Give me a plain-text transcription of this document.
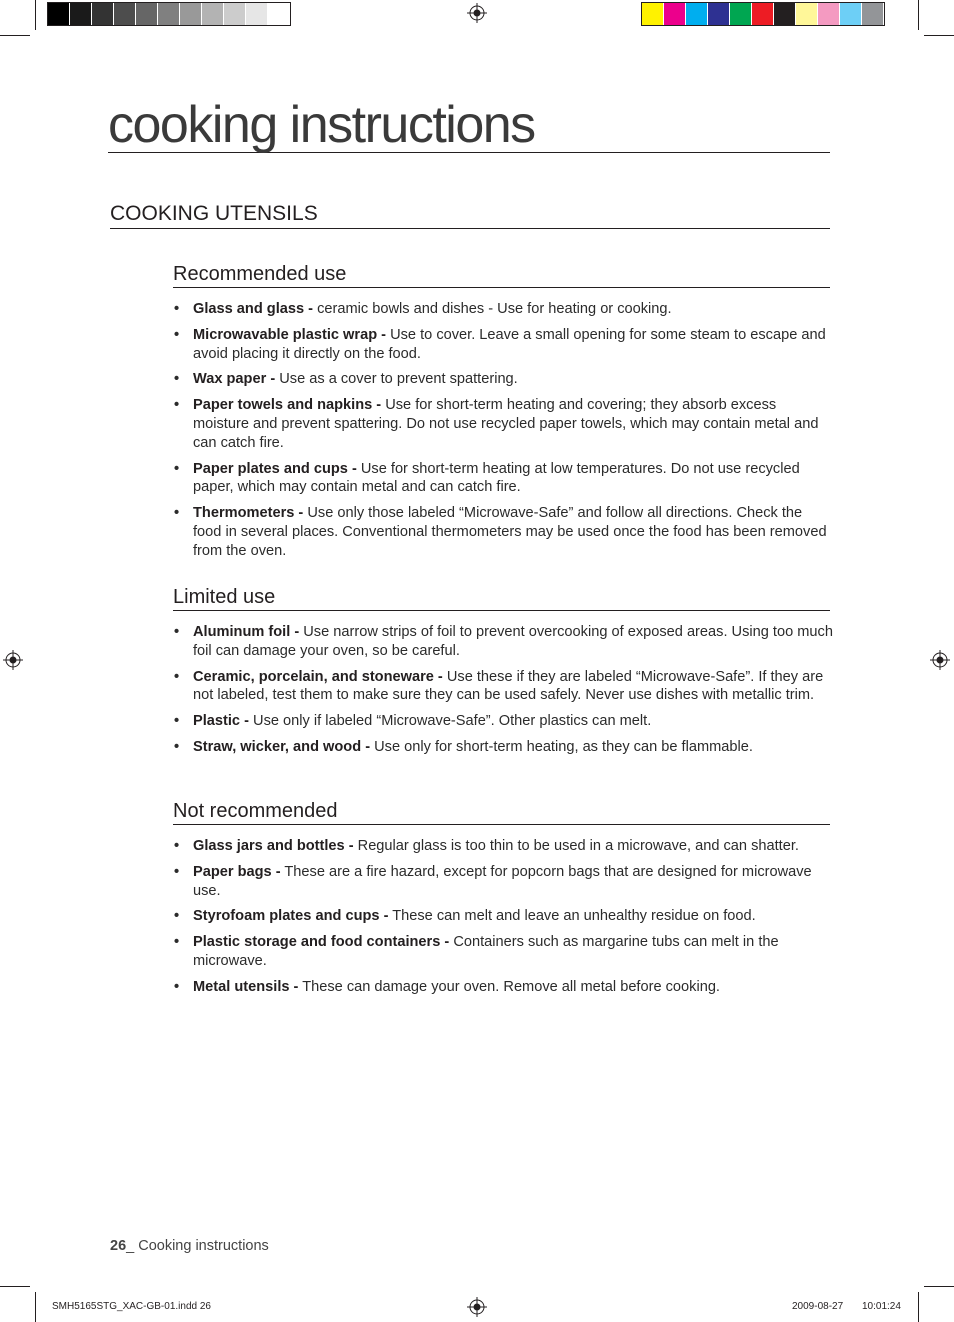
cooking instructions
COOKING UTENSILS
Recommended use
• Glass and glass - ceramic bowls and dishes - Use for heating or cooking.
• Microwavable plastic wrap - Use to cover. Leave a small opening for some steam to escape and avoid placing it directly on the food.
• Wax paper - Use as a cover to prevent spattering.
• Paper towels and napkins - Use for short-term heating and covering; they absorb excess moisture and prevent spattering. Do not use recycled paper towels, which may contain metal and can catch fire.
• Paper plates and cups - Use for short-term heating at low temperatures. Do not use recycled paper, which may contain metal and can catch fire.
• Thermometers - Use only those labeled “Microwave-Safe” and follow all directions. Check the food in several places. Conventional thermometers may be used once the food has been removed from the oven.
Limited use
• Aluminum foil - Use narrow strips of foil to prevent overcooking of exposed areas. Using too much foil can damage your oven, so be careful.
• Ceramic, porcelain, and stoneware - Use these if they are labeled “Microwave-Safe”. If they are not labeled, test them to make sure they can be used safely. Never use dishes with metallic trim.
• Plastic - Use only if labeled “Microwave-Safe”. Other plastics can melt.
• Straw, wicker, and wood - Use only for short-term heating, as they can be flammable.
Not recommended
• Glass jars and bottles - Regular glass is too thin to be used in a microwave, and can shatter.
• Paper bags - These are a fire hazard, except for popcorn bags that are designed for microwave use.
• Styrofoam plates and cups - These can melt and leave an unhealthy residue on food.
• Plastic storage and food containers - Containers such as margarine tubs can melt in the microwave.
• Metal utensils - These can damage your oven. Remove all metal before cooking.
26_ Cooking instructions
SMH5165STG_XAC-GB-01.indd 26	2009-08-27 10:01:24
